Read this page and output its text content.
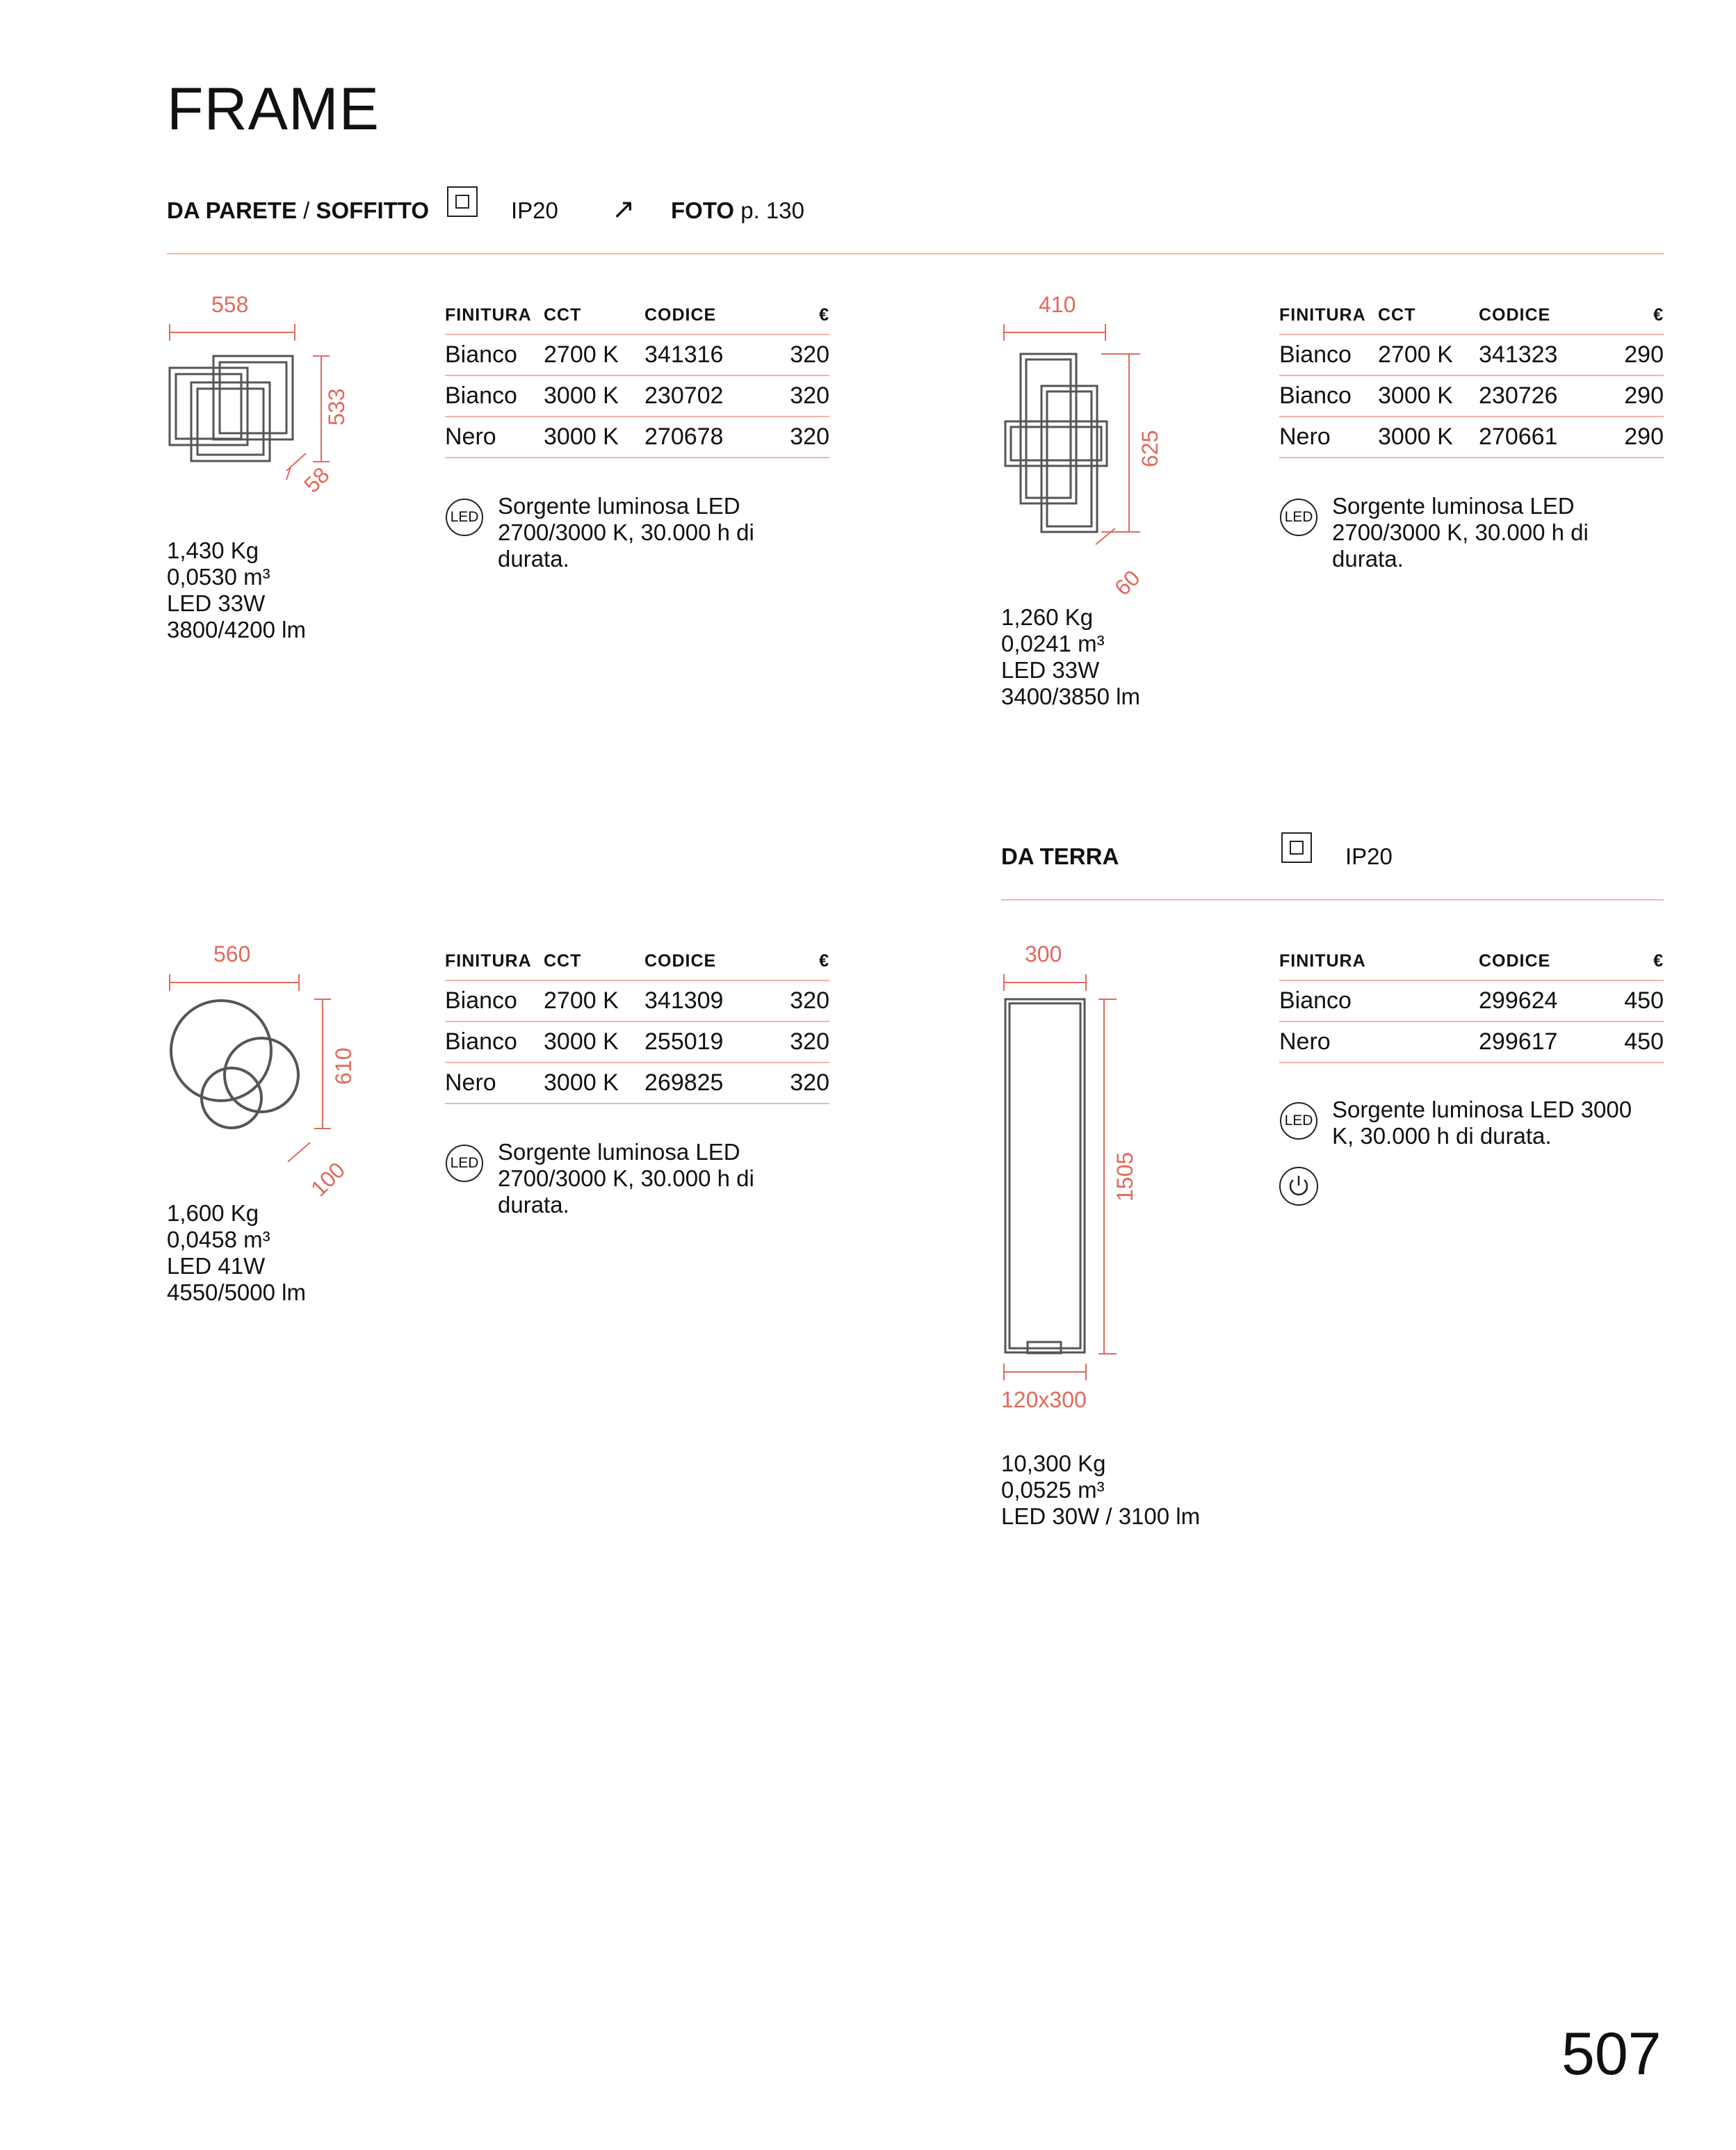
FRAME
DA PARETE / SOFFITTO	IP20 ↗ FOTO p. 130
558
533
58
1,430 Kg
0,0530 m³
LED 33W
3800/4200 lm
FINITURA	CCT	CODICE	€
Bianco	2700 K	341316	320
Bianco	3000 K	230702	320
Nero	3000 K	270678	320
LED Sorgente luminosa LED 2700/3000 K, 30.000 h di durata.
410
625
60
1,260 Kg
0,0241 m³
LED 33W
3400/3850 lm
FINITURA	CCT	CODICE	€
Bianco	2700 K	341323	290
Bianco	3000 K	230726	290
Nero	3000 K	270661	290
LED Sorgente luminosa LED 2700/3000 K, 30.000 h di durata.
DA TERRA	IP20
560
610
100
1,600 Kg
0,0458 m³
LED 41W
4550/5000 lm
FINITURA	CCT	CODICE	€
Bianco	2700 K	341309	320
Bianco	3000 K	255019	320
Nero	3000 K	269825	320
LED Sorgente luminosa LED 2700/3000 K, 30.000 h di durata.
300
1505
120x300
10,300 Kg
0,0525 m³
LED 30W / 3100 lm
FINITURA	CODICE	€
Bianco	299624	450
Nero	299617	450
LED Sorgente luminosa LED 3000 K, 30.000 h di durata.
507
